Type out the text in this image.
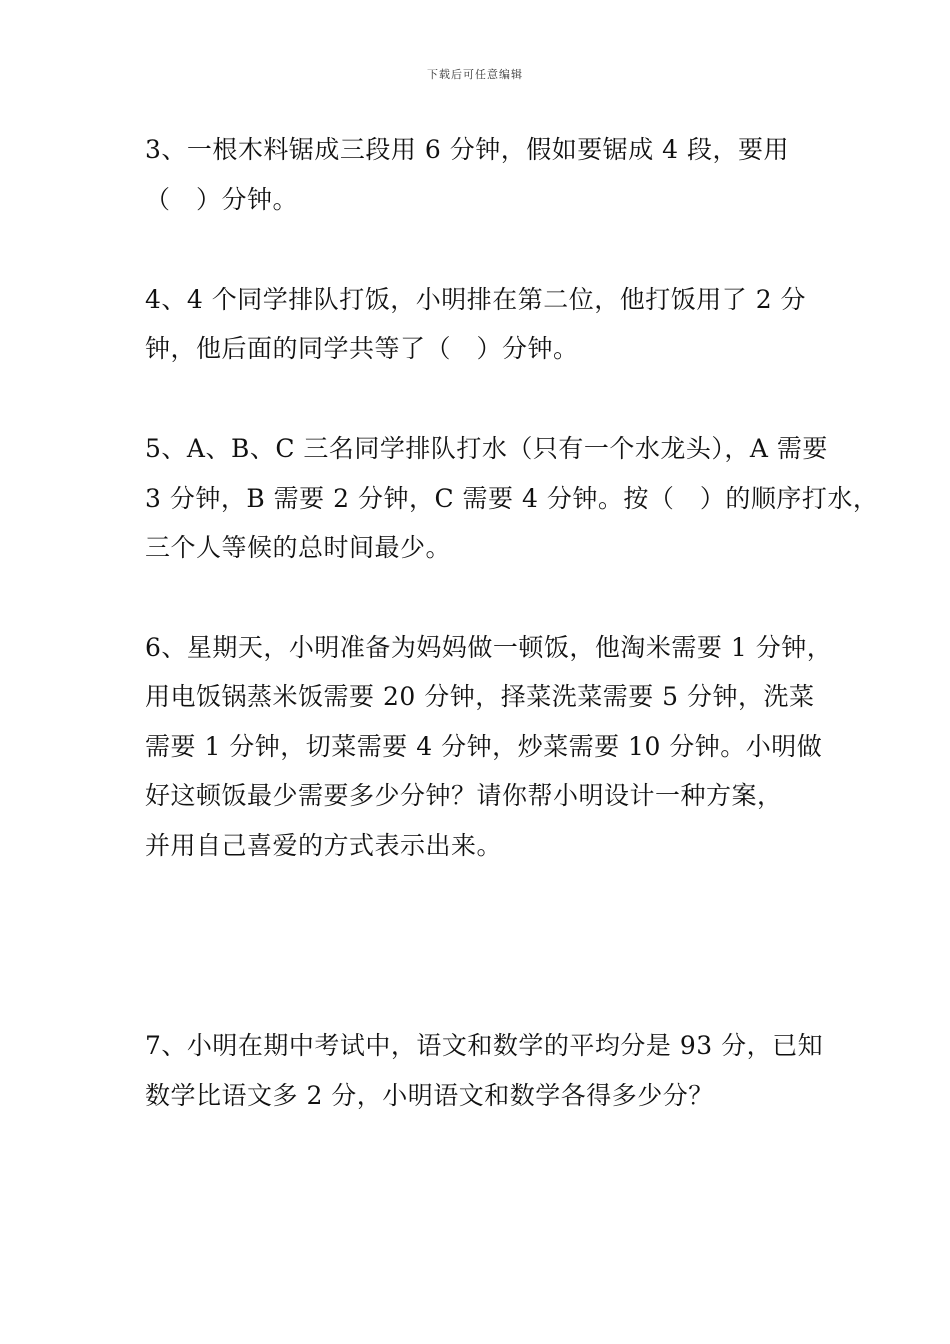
下载后可任意编辑
3、一根木料锯成三段用 6 分钟，假如要锯成 4 段，要用
（　）分钟。
4、4 个同学排队打饭，小明排在第二位，他打饭用了 2 分
钟，他后面的同学共等了（　）分钟。
5、A、B、C 三名同学排队打水（只有一个水龙头），A 需要
3 分钟，B 需要 2 分钟，C 需要 4 分钟。按（　）的顺序打水，
三个人等候的总时间最少。
6、星期天，小明准备为妈妈做一顿饭，他淘米需要 1 分钟，
用电饭锅蒸米饭需要 20 分钟，择菜洗菜需要 5 分钟，洗菜
需要 1 分钟，切菜需要 4 分钟，炒菜需要 10 分钟。小明做
好这顿饭最少需要多少分钟？请你帮小明设计一种方案，
并用自己喜爱的方式表示出来。
7、小明在期中考试中，语文和数学的平均分是 93 分，已知
数学比语文多 2 分，小明语文和数学各得多少分？
